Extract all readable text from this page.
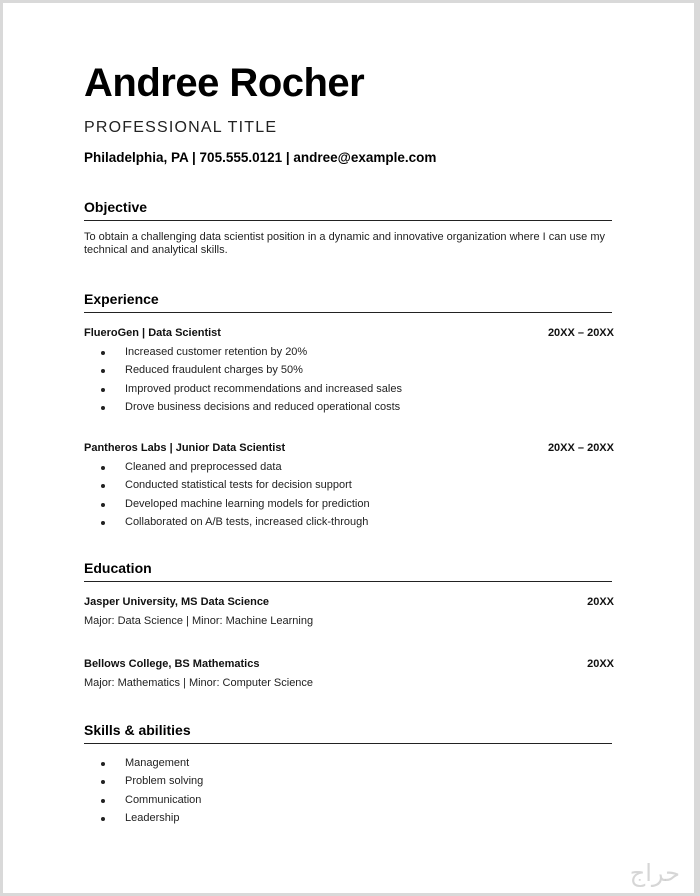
Andree Rocher
PROFESSIONAL TITLE
Philadelphia, PA | 705.555.0121 | andree@example.com
Objective
To obtain a challenging data scientist position in a dynamic and innovative organization where I can use my technical and analytical skills.
Experience
FlueroGen | Data Scientist	20XX – 20XX
Increased customer retention by 20%
Reduced fraudulent charges by 50%
Improved product recommendations and increased sales
Drove business decisions and reduced operational costs
Pantheros Labs | Junior Data Scientist	20XX – 20XX
Cleaned and preprocessed data
Conducted statistical tests for decision support
Developed machine learning models for prediction
Collaborated on A/B tests, increased click-through
Education
Jasper University, MS Data Science	20XX
Major: Data Science | Minor: Machine Learning
Bellows College, BS Mathematics	20XX
Major: Mathematics | Minor: Computer Science
Skills & abilities
Management
Problem solving
Communication
Leadership
حراج
